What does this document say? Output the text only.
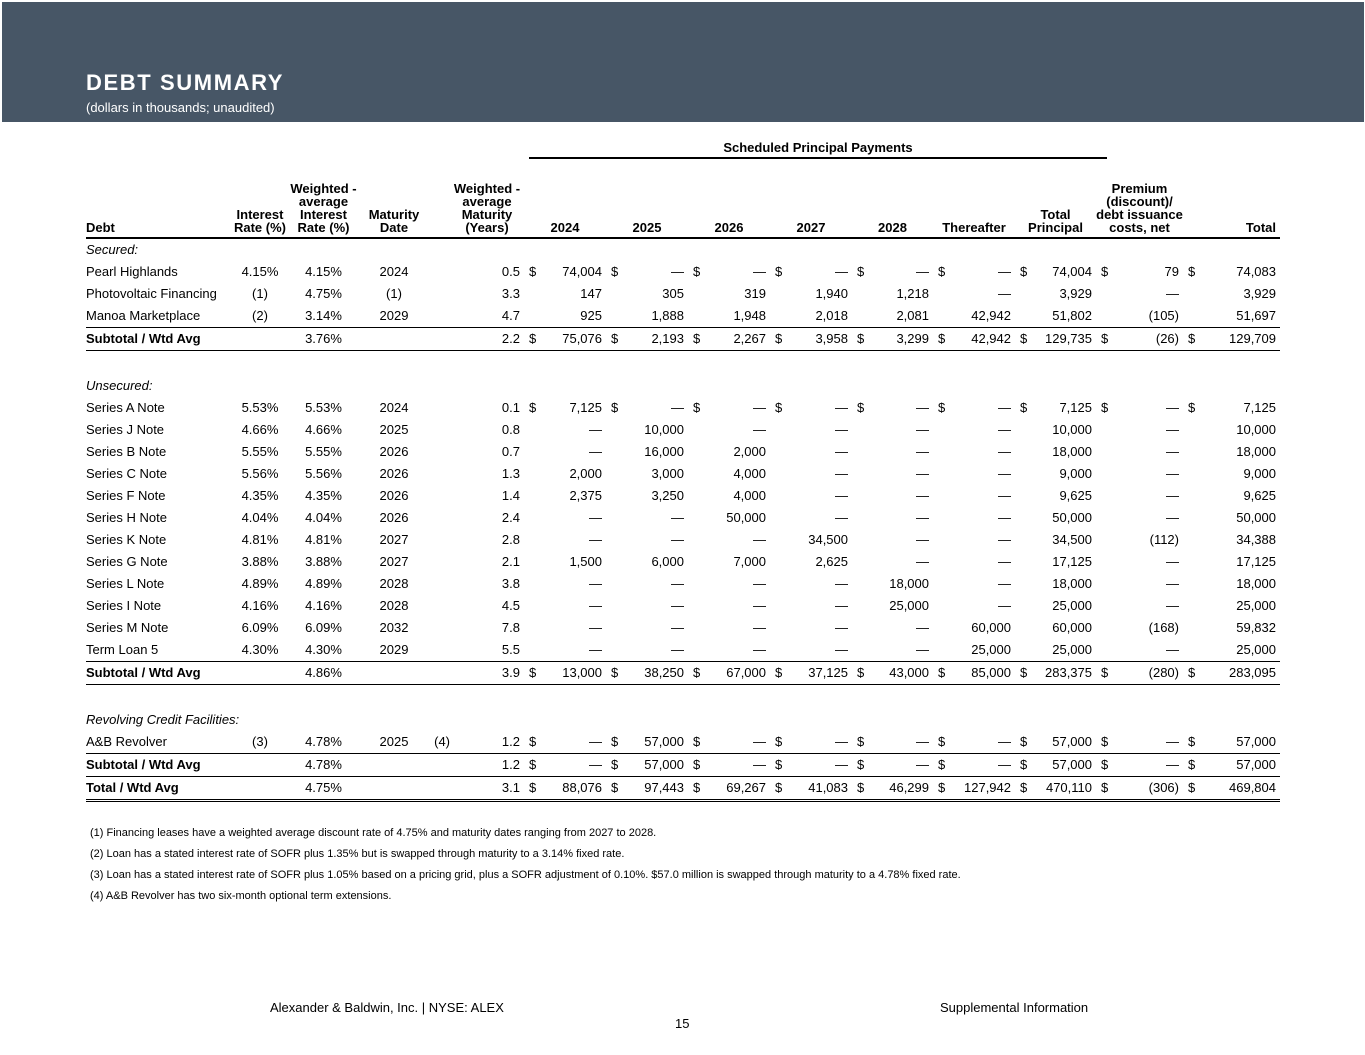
DEBT SUMMARY
(dollars in thousands; unaudited)
Scheduled Principal Payments
Debt	Interest Rate (%)	Weighted -average Interest Rate (%)	Maturity Date	Weighted -average Maturity (Years)	2024	2025	2026	2027	2028	Thereafter	Total Principal	Premium (discount)/ debt issuance costs, net	Total
Secured:													
Pearl Highlands	4.15%	4.15%	2024	0.5	$ 74,004	$ —	$ —	$ —	$ —	$ —	$ 74,004	$ 79	$ 74,083
Photovoltaic Financing	(1)	4.75%	(1)	3.3	147	305	319	1,940	1,218	—	3,929	—	3,929
Manoa Marketplace	(2)	3.14%	2029	4.7	925	1,888	1,948	2,018	2,081	42,942	51,802	(105)	51,697
Subtotal / Wtd Avg		3.76%		2.2	$ 75,076	$ 2,193	$ 2,267	$ 3,958	$ 3,299	$ 42,942	$ 129,735	$ (26)	$ 129,709

Unsecured:													
Series A Note	5.53%	5.53%	2024	0.1	$ 7,125	$ —	$ —	$ —	$ —	$ —	$ 7,125	$ —	$ 7,125
Series J Note	4.66%	4.66%	2025	0.8	—	10,000	—	—	—	—	10,000	—	10,000
Series B Note	5.55%	5.55%	2026	0.7	—	16,000	2,000	—	—	—	18,000	—	18,000
Series C Note	5.56%	5.56%	2026	1.3	2,000	3,000	4,000	—	—	—	9,000	—	9,000
Series F Note	4.35%	4.35%	2026	1.4	2,375	3,250	4,000	—	—	—	9,625	—	9,625
Series H Note	4.04%	4.04%	2026	2.4	—	—	50,000	—	—	—	50,000	—	50,000
Series K Note	4.81%	4.81%	2027	2.8	—	—	—	34,500	—	—	34,500	(112)	34,388
Series G Note	3.88%	3.88%	2027	2.1	1,500	6,000	7,000	2,625	—	—	17,125	—	17,125
Series L Note	4.89%	4.89%	2028	3.8	—	—	—	—	18,000	—	18,000	—	18,000
Series I Note	4.16%	4.16%	2028	4.5	—	—	—	—	25,000	—	25,000	—	25,000
Series M Note	6.09%	6.09%	2032	7.8	—	—	—	—	—	60,000	60,000	(168)	59,832
Term Loan 5	4.30%	4.30%	2029	5.5	—	—	—	—	—	25,000	25,000	—	25,000
Subtotal / Wtd Avg		4.86%		3.9	$ 13,000	$ 38,250	$ 67,000	$ 37,125	$ 43,000	$ 85,000	$ 283,375	$ (280)	$ 283,095

Revolving Credit Facilities:													
A&B Revolver	(3)	4.78%	2025 (4)	1.2	$ —	$ 57,000	$ —	$ —	$ —	$ —	$ 57,000	$ —	$ 57,000
Subtotal / Wtd Avg		4.78%		1.2	$ —	$ 57,000	$ —	$ —	$ —	$ —	$ 57,000	$ —	$ 57,000
Total / Wtd Avg		4.75%		3.1	$ 88,076	$ 97,443	$ 69,267	$ 41,083	$ 46,299	$ 127,942	$ 470,110	$ (306)	$ 469,804
(1) Financing leases have a weighted average discount rate of 4.75% and maturity dates ranging from 2027 to 2028.
(2) Loan has a stated interest rate of SOFR plus 1.35% but is swapped through maturity to a 3.14% fixed rate.
(3) Loan has a stated interest rate of SOFR plus 1.05% based on a pricing grid, plus a SOFR adjustment of 0.10%. $57.0 million is swapped through maturity to a 4.78% fixed rate.
(4) A&B Revolver has two six-month optional term extensions.
Alexander & Baldwin, Inc. | NYSE: ALEX	Supplemental Information
15
